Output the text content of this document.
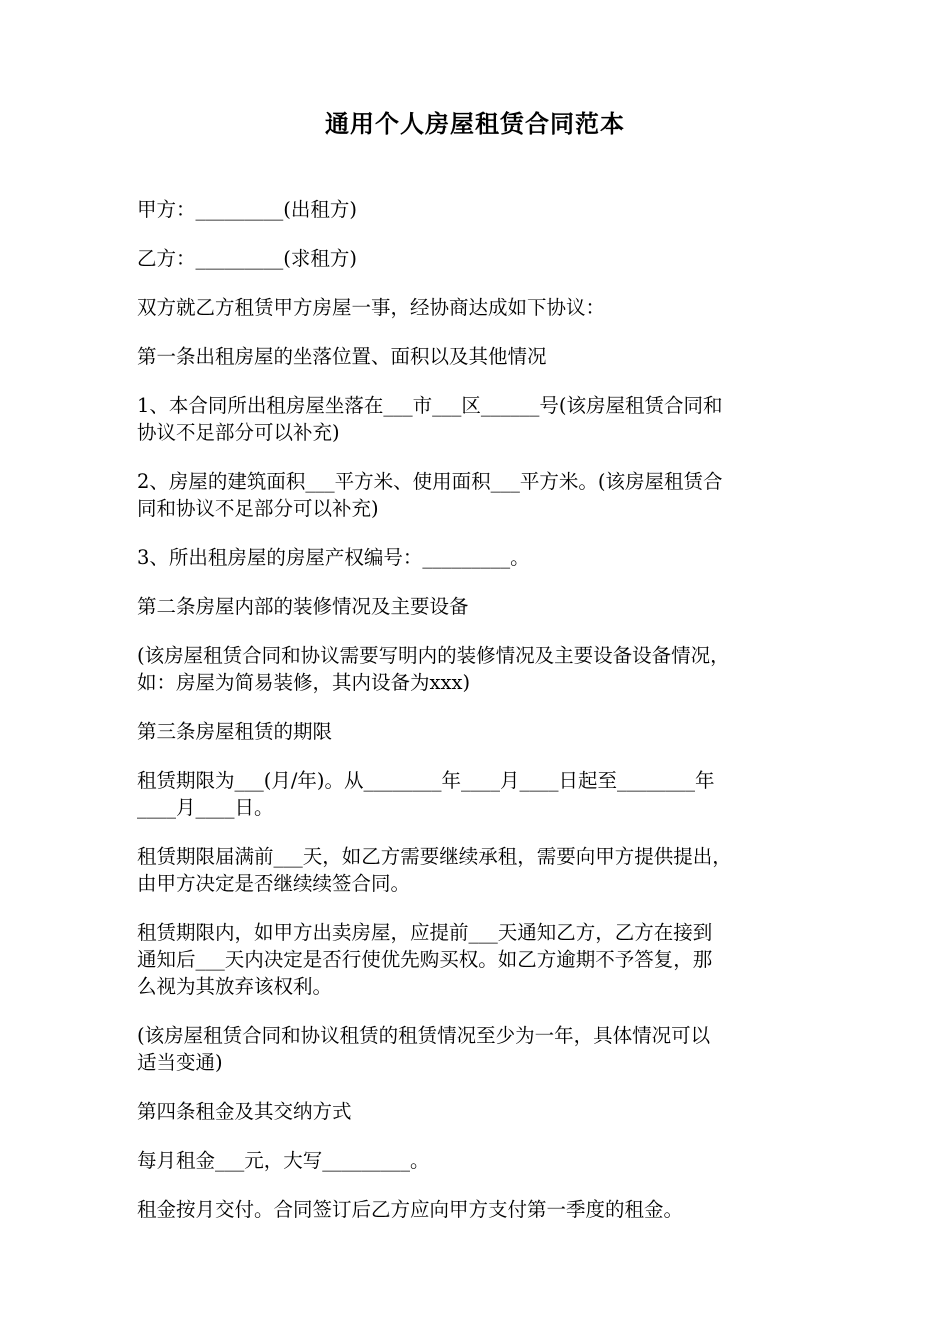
通用个人房屋租赁合同范本

甲方：_________(出租方)

乙方：_________(求租方)

双方就乙方租赁甲方房屋一事，经协商达成如下协议：

第一条出租房屋的坐落位置、面积以及其他情况

1、本合同所出租房屋坐落在___市___区______号(该房屋租赁合同和
协议不足部分可以补充)

2、房屋的建筑面积___平方米、使用面积___平方米。(该房屋租赁合
同和协议不足部分可以补充)

3、所出租房屋的房屋产权编号：_________。

第二条房屋内部的装修情况及主要设备

(该房屋租赁合同和协议需要写明内的装修情况及主要设备设备情况，
如：房屋为简易装修，其内设备为xxx)

第三条房屋租赁的期限

租赁期限为___(月/年)。从________年____月____日起至________年
____月____日。

租赁期限届满前___天，如乙方需要继续承租，需要向甲方提供提出，
由甲方决定是否继续续签合同。

租赁期限内，如甲方出卖房屋，应提前___天通知乙方，乙方在接到
通知后___天内决定是否行使优先购买权。如乙方逾期不予答复，那
么视为其放弃该权利。

(该房屋租赁合同和协议租赁的租赁情况至少为一年，具体情况可以
适当变通)

第四条租金及其交纳方式

每月租金___元，大写_________。

租金按月交付。合同签订后乙方应向甲方支付第一季度的租金。
